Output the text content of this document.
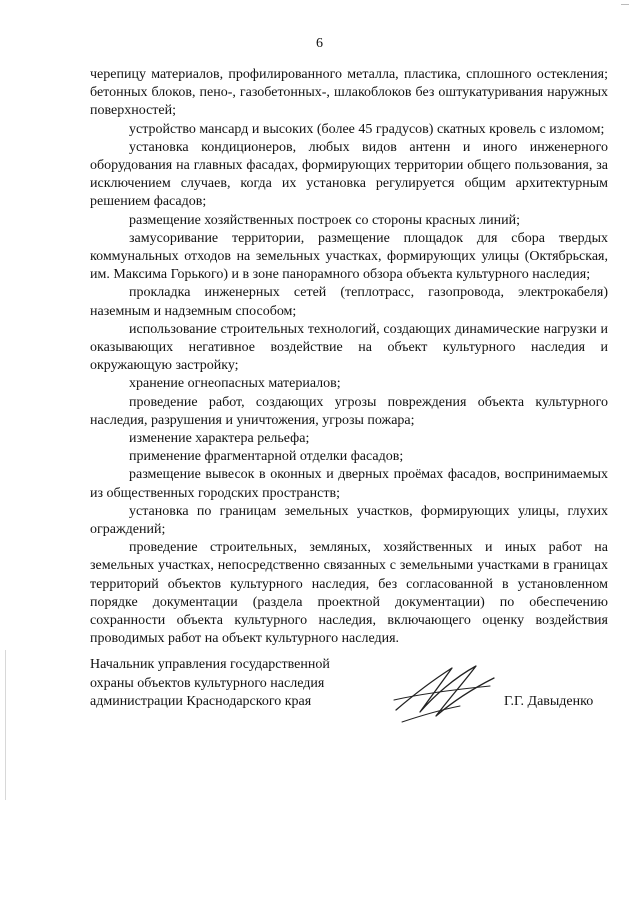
6

черепицу материалов, профилированного металла, пластика, сплошного остекления; бетонных блоков, пено-, газобетонных-, шлакоблоков без оштукатуривания наружных поверхностей;

устройство мансард и высоких (более 45 градусов) скатных кровель с изломом;

установка кондиционеров, любых видов антенн и иного инженерного оборудования на главных фасадах, формирующих территории общего пользования, за исключением случаев, когда их установка регулируется общим архитектурным решением фасадов;

размещение хозяйственных построек со стороны красных линий;

замусоривание территории, размещение площадок для сбора твердых коммунальных отходов на земельных участках, формирующих улицы (Октябрьская, им. Максима Горького) и в зоне панорамного обзора объекта культурного наследия;

прокладка инженерных сетей (теплотрасс, газопровода, электрокабеля) наземным и надземным способом;

использование строительных технологий, создающих динамические нагрузки и оказывающих негативное воздействие на объект культурного наследия и окружающую застройку;

хранение огнеопасных материалов;

проведение работ, создающих угрозы повреждения объекта культурного наследия, разрушения и уничтожения, угрозы пожара;

изменение характера рельефа;

применение фрагментарной отделки фасадов;

размещение вывесок в оконных и дверных проёмах фасадов, воспринимаемых из общественных городских пространств;

установка по границам земельных участков, формирующих улицы, глухих ограждений;

проведение строительных, земляных, хозяйственных и иных работ на земельных участках, непосредственно связанных с земельными участками в границах территорий объектов культурного наследия, без согласованной в установленном порядке документации (раздела проектной документации) по обеспечению сохранности объекта культурного наследия, включающего оценку воздействия проводимых работ на объект культурного наследия.

Начальник управления государственной
охраны объектов культурного наследия
администрации Краснодарского края	Г.Г. Давыденко
